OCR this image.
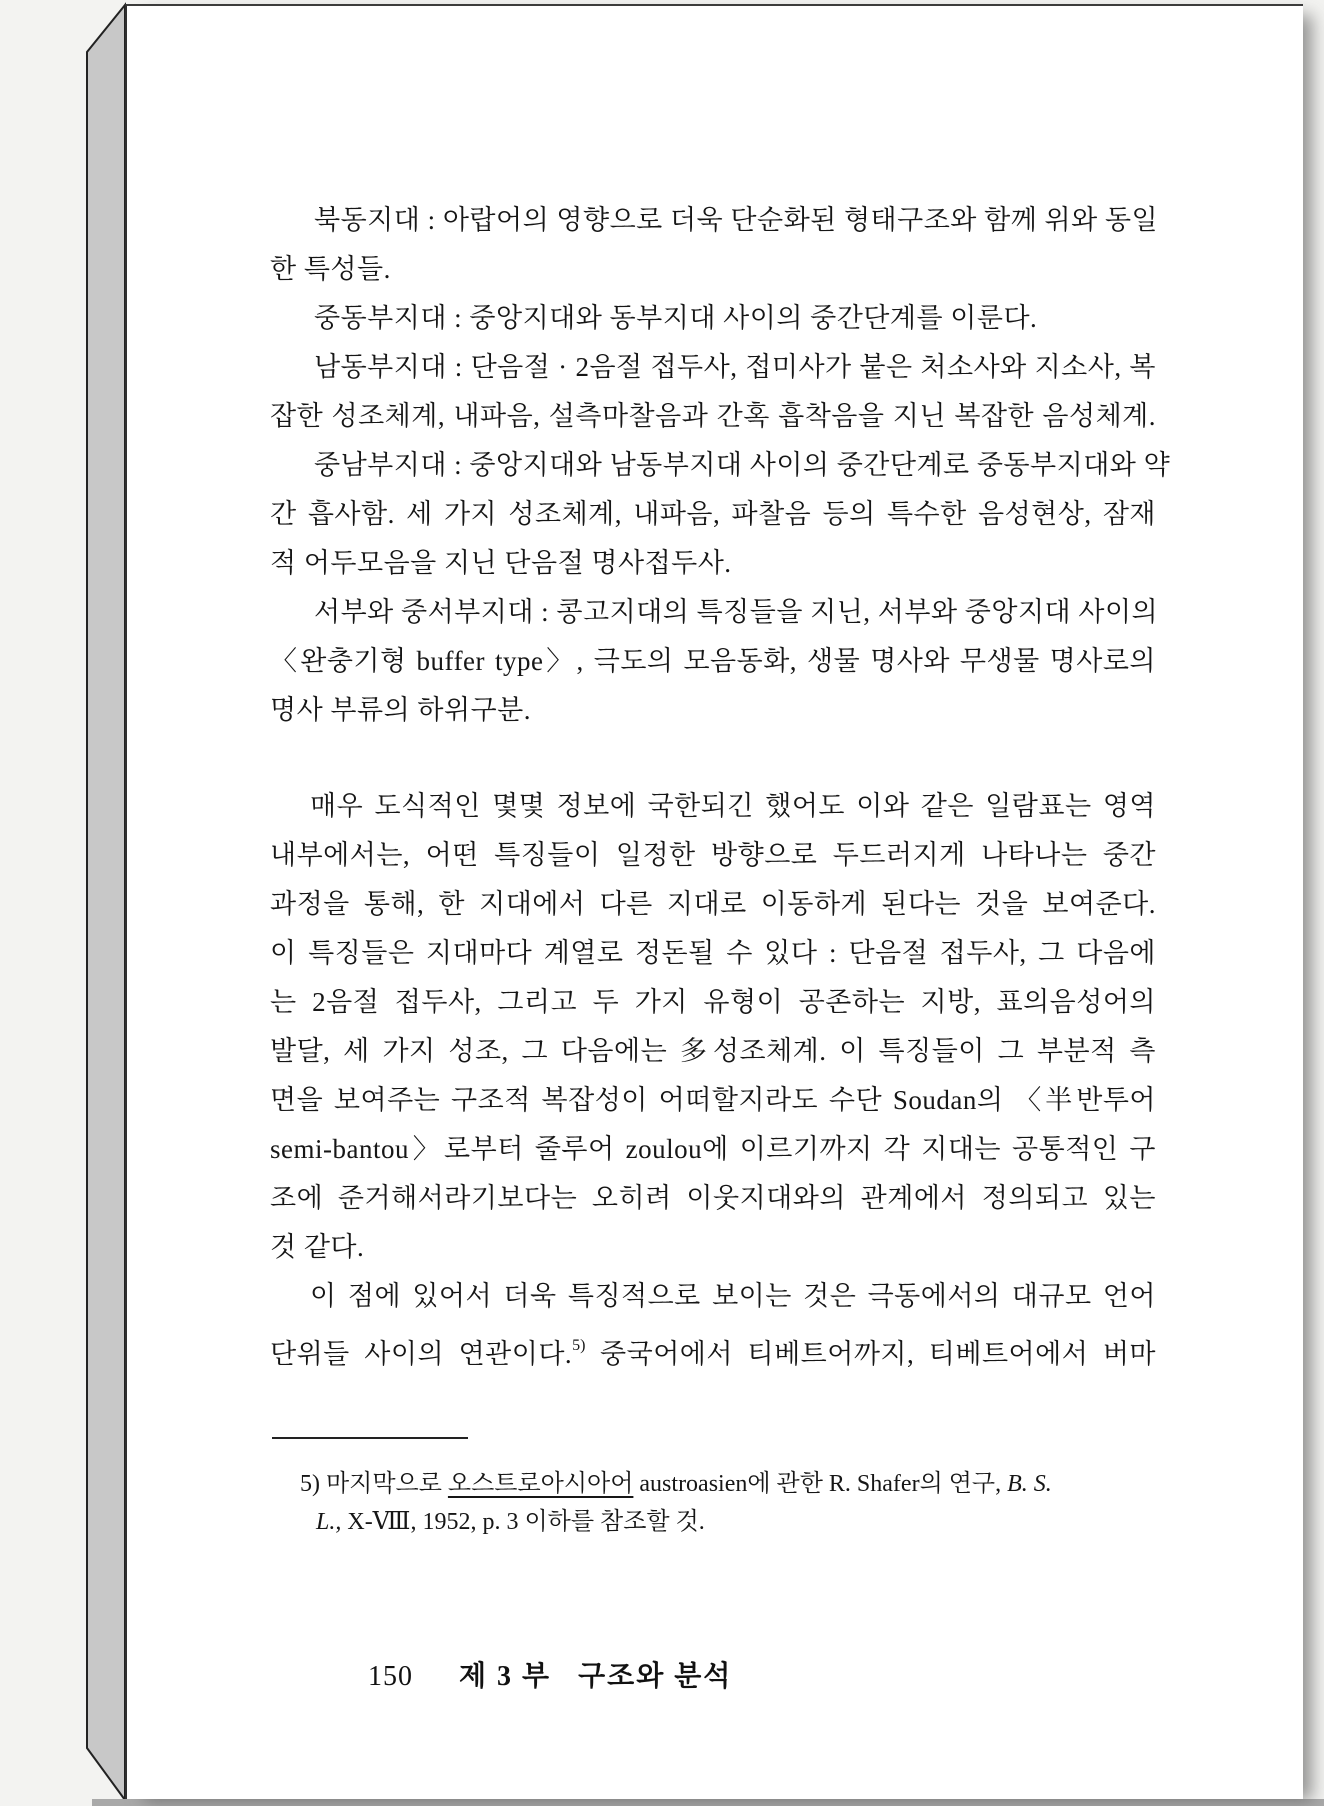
북동지대 : 아랍어의 영향으로 더욱 단순화된 형태구조와 함께 위와 동일
한 특성들.
중동부지대 : 중앙지대와 동부지대 사이의 중간단계를 이룬다.
남동부지대 : 단음절 · 2음절 접두사, 접미사가 붙은 처소사와 지소사, 복
잡한 성조체계, 내파음, 설측마찰음과 간혹 흡착음을 지닌 복잡한 음성체계.
중남부지대 : 중앙지대와 남동부지대 사이의 중간단계로 중동부지대와 약
간 흡사함. 세 가지 성조체계, 내파음, 파찰음 등의 특수한 음성현상, 잠재
적 어두모음을 지닌 단음절 명사접두사.
서부와 중서부지대 : 콩고지대의 특징들을 지닌, 서부와 중앙지대 사이의
〈완충기형 buffer type〉, 극도의 모음동화, 생물 명사와 무생물 명사로의
명사 부류의 하위구분.
매우 도식적인 몇몇 정보에 국한되긴 했어도 이와 같은 일람표는 영역
내부에서는, 어떤 특징들이 일정한 방향으로 두드러지게 나타나는 중간
과정을 통해, 한 지대에서 다른 지대로 이동하게 된다는 것을 보여준다.
이 특징들은 지대마다 계열로 정돈될 수 있다 : 단음절 접두사, 그 다음에
는 2음절 접두사, 그리고 두 가지 유형이 공존하는 지방, 표의음성어의
발달, 세 가지 성조, 그 다음에는 多성조체계. 이 특징들이 그 부분적 측
면을 보여주는 구조적 복잡성이 어떠할지라도 수단 Soudan의 〈半반투어
semi-bantou〉로부터 줄루어 zoulou에 이르기까지 각 지대는 공통적인 구
조에 준거해서라기보다는 오히려 이웃지대와의 관계에서 정의되고 있는
것 같다.
이 점에 있어서 더욱 특징적으로 보이는 것은 극동에서의 대규모 언어
단위들 사이의 연관이다.$^{5)}$ 중국어에서 티베트어까지, 티베트어에서 버마
5) 마지막으로 오스트로아시아어 austroasien에 관한 R. Shafer의 연구, B. S.
L., X-Ⅷ, 1952, p. 3 이하를 참조할 것.

150 제 3 부   구조와 분석
